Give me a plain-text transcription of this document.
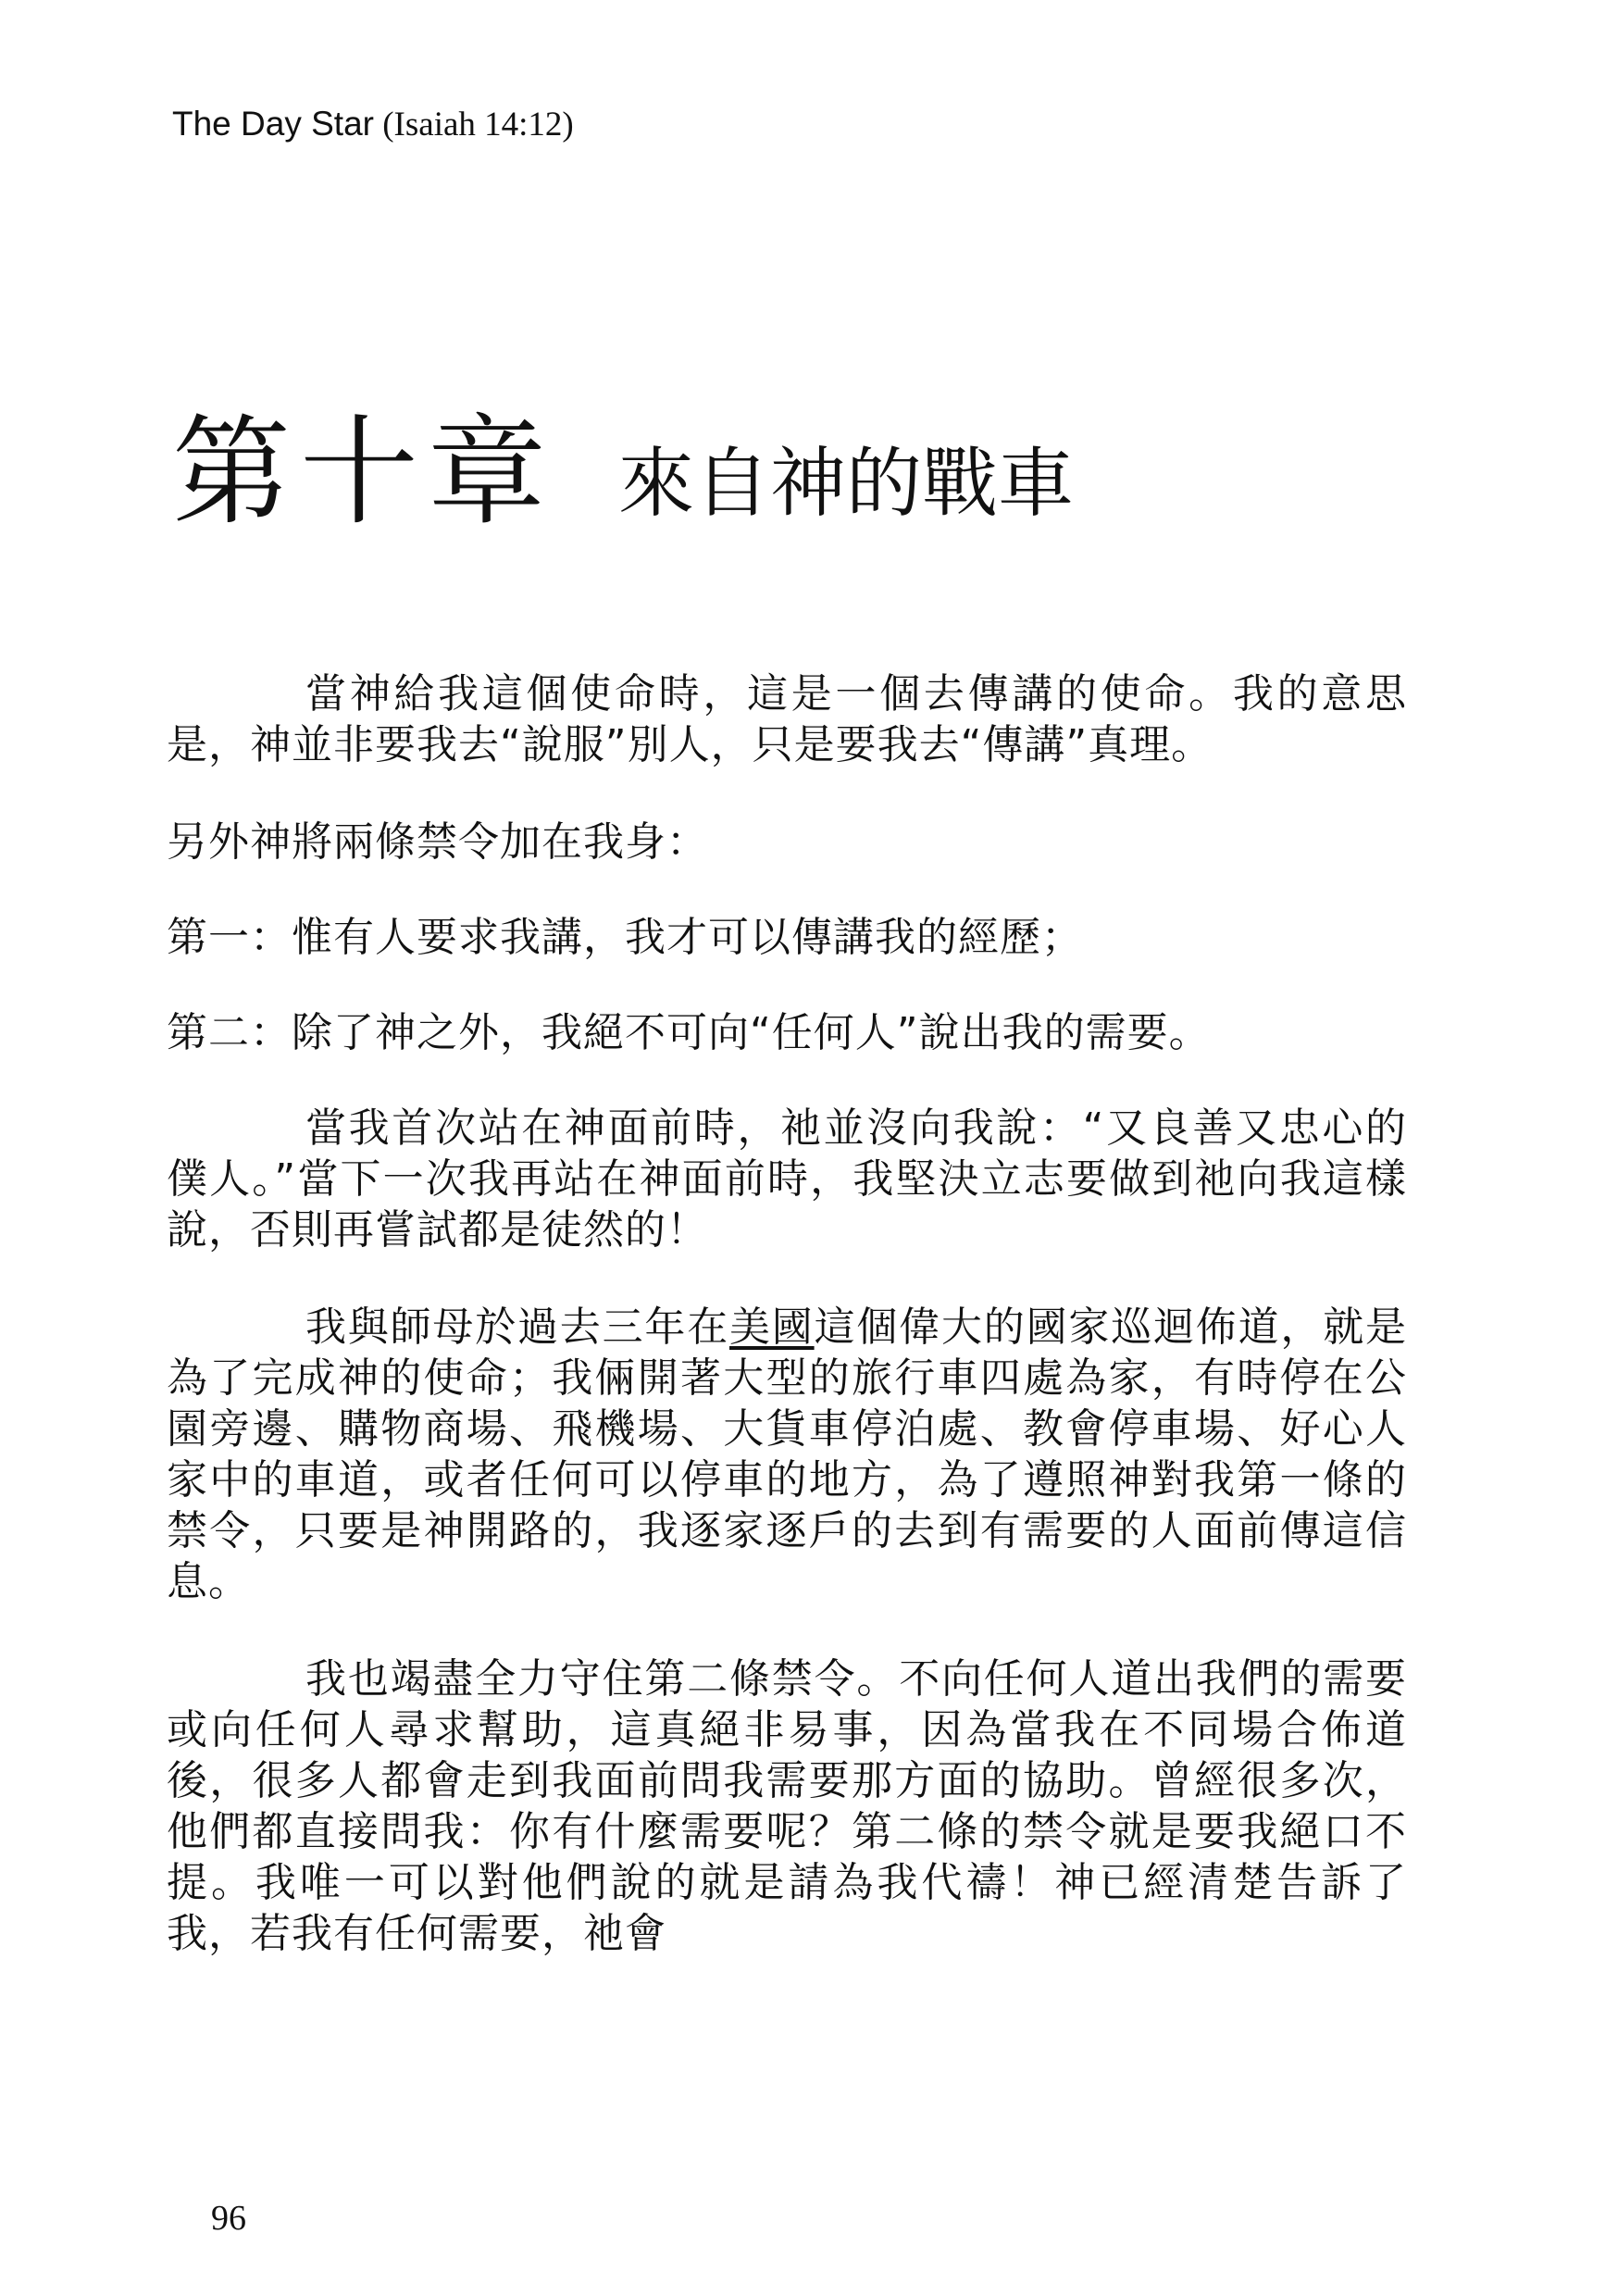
The Day Star (Isaiah 14:12)
第十章 來自神的戰車

當神給我這個使命時，這是一個去傳講的使命。我的意思是，神並非要我去“說服”別人，只是要我去“傳講”真理。

另外神將兩條禁令加在我身：

第一：惟有人要求我講，我才可以傳講我的經歷；

第二：除了神之外，我絕不可向“任何人”說出我的需要。

當我首次站在神面前時，祂並沒向我說：“又良善又忠心的僕人。”當下一次我再站在神面前時，我堅決立志要做到祂向我這樣說，否則再嘗試都是徒然的！

我與師母於過去三年在美國這個偉大的國家巡迴佈道，就是為了完成神的使命；我倆開著大型的旅行車四處為家，有時停在公園旁邊、購物商場、飛機場、大貨車停泊處、教會停車場、好心人家中的車道，或者任何可以停車的地方，為了遵照神對我第一條的禁令，只要是神開路的，我逐家逐戶的去到有需要的人面前傳這信息。

我也竭盡全力守住第二條禁令。不向任何人道出我們的需要或向任何人尋求幫助，這真絕非易事，因為當我在不同場合佈道後，很多人都會走到我面前問我需要那方面的協助。曾經很多次，他們都直接問我：你有什麼需要呢？第二條的禁令就是要我絕口不提。我唯一可以對他們說的就是請為我代禱！神已經清楚告訴了我，若我有任何需要，祂會

96
